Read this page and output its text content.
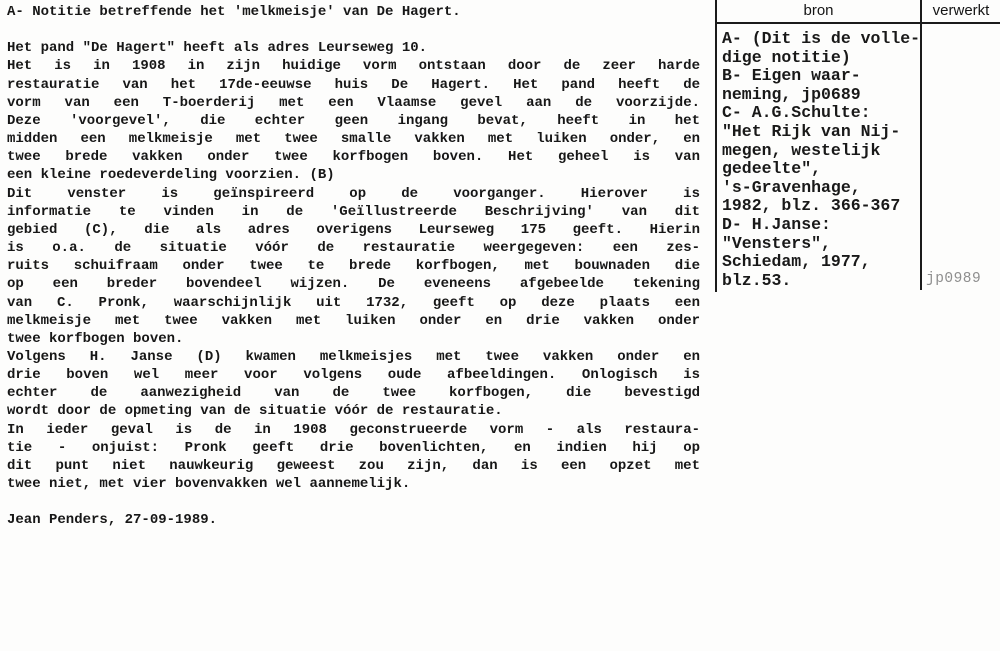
A- Notitie betreffende het 'melkmeisje' van De Hagert.

Het pand "De Hagert" heeft als adres Leurseweg 10.
Het is in 1908 in zijn huidige vorm ontstaan door de zeer harde
restauratie van het 17de-eeuwse huis De Hagert. Het pand heeft de
vorm van een T-boerderij met een Vlaamse gevel aan de voorzijde.
Deze 'voorgevel', die echter geen ingang bevat, heeft in het
midden een melkmeisje met twee smalle vakken met luiken onder, en
twee brede vakken onder twee korfbogen boven. Het geheel is van
een kleine roedeverdeling voorzien. (B)
Dit venster is geïnspireerd op de voorganger. Hierover is
informatie te vinden in de 'Geïllustreerde Beschrijving' van dit
gebied (C), die als adres overigens Leurseweg 175 geeft. Hierin
is o.a. de situatie vóór de restauratie weergegeven: een zes-
ruits schuifraam onder twee te brede korfbogen, met bouwnaden die
op een breder bovendeel wijzen. De eveneens afgebeelde tekening
van C. Pronk, waarschijnlijk uit 1732, geeft op deze plaats een
melkmeisje met twee vakken met luiken onder en drie vakken onder
twee korfbogen boven.
Volgens H. Janse (D) kwamen melkmeisjes met twee vakken onder en
drie boven wel meer voor volgens oude afbeeldingen. Onlogisch is
echter de aanwezigheid van de twee korfbogen, die bevestigd
wordt door de opmeting van de situatie vóór de restauratie.
In ieder geval is de in 1908 geconstrueerde vorm - als restaura-
tie - onjuist: Pronk geeft drie bovenlichten, en indien hij op
dit punt niet nauwkeurig geweest zou zijn, dan is een opzet met
twee niet, met vier bovenvakken wel aannemelijk.

Jean Penders, 27-09-1989.
bron	verwerkt
A- (Dit is de volle-
dige notitie)
B- Eigen waar-
neming, jp0689
C- A.G.Schulte:
"Het Rijk van Nij-
megen, westelijk
gedeelte",
's-Gravenhage,
1982, blz. 366-367
D- H.Janse:
"Vensters",
Schiedam, 1977,
blz.53.	jp0989
